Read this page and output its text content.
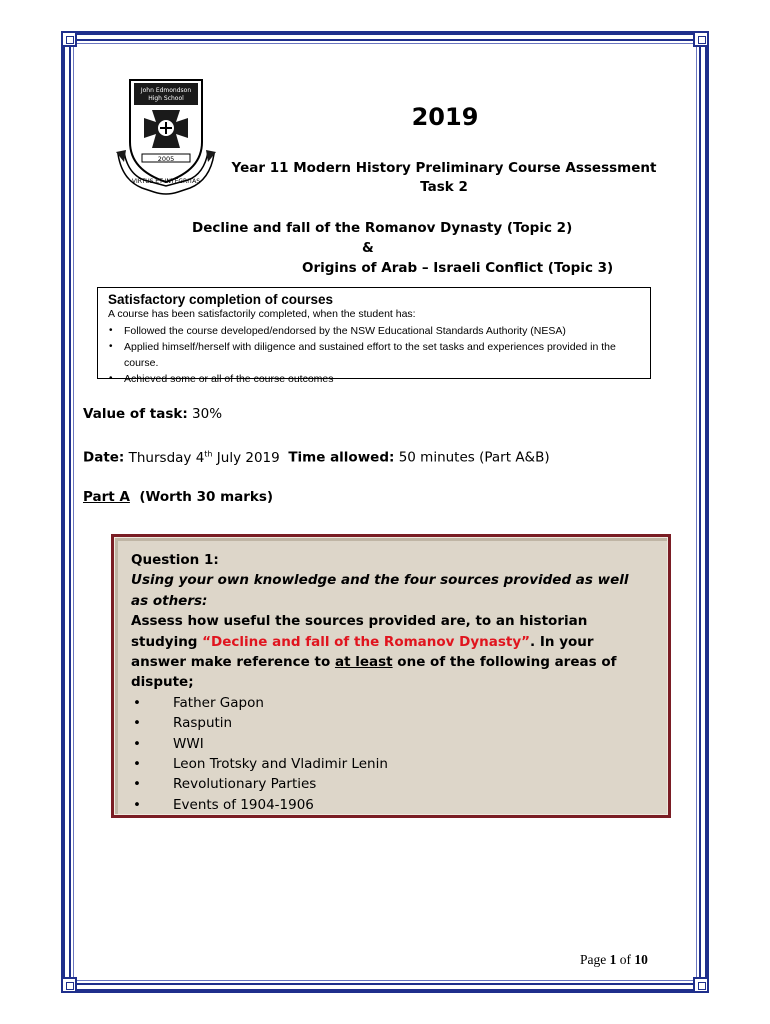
John Edmondson
High School
2005
VIRTUS ET INTEGRITAS
2019
Year 11 Modern History Preliminary Course Assessment
Task 2
Decline and fall of the Romanov Dynasty (Topic 2)
&
Origins of Arab – Israeli Conflict (Topic 3)

Satisfactory completion of courses

A course has been satisfactorily completed, when the student has:

• Followed the course developed/endorsed by the NSW Educational Standards Authority (NESA)
• Applied himself/herself with diligence and sustained effort to the set tasks and experiences provided in the course.
• Achieved some or all of the course outcomes
Value of task: 30%
Date: Thursday 4th July 2019 Time allowed: 50 minutes (Part A&B)
Part A (Worth 30 marks)
Question 1:
Using your own knowledge and the four sources provided as well as others:
Assess how useful the sources provided are, to an historian studying “Decline and fall of the Romanov Dynasty”. In your answer make reference to at least one of the following areas of dispute;
• Father Gapon
• Rasputin
• WWI
• Leon Trotsky and Vladimir Lenin
• Revolutionary Parties
• Events of 1904-1906
Page 1 of 10
